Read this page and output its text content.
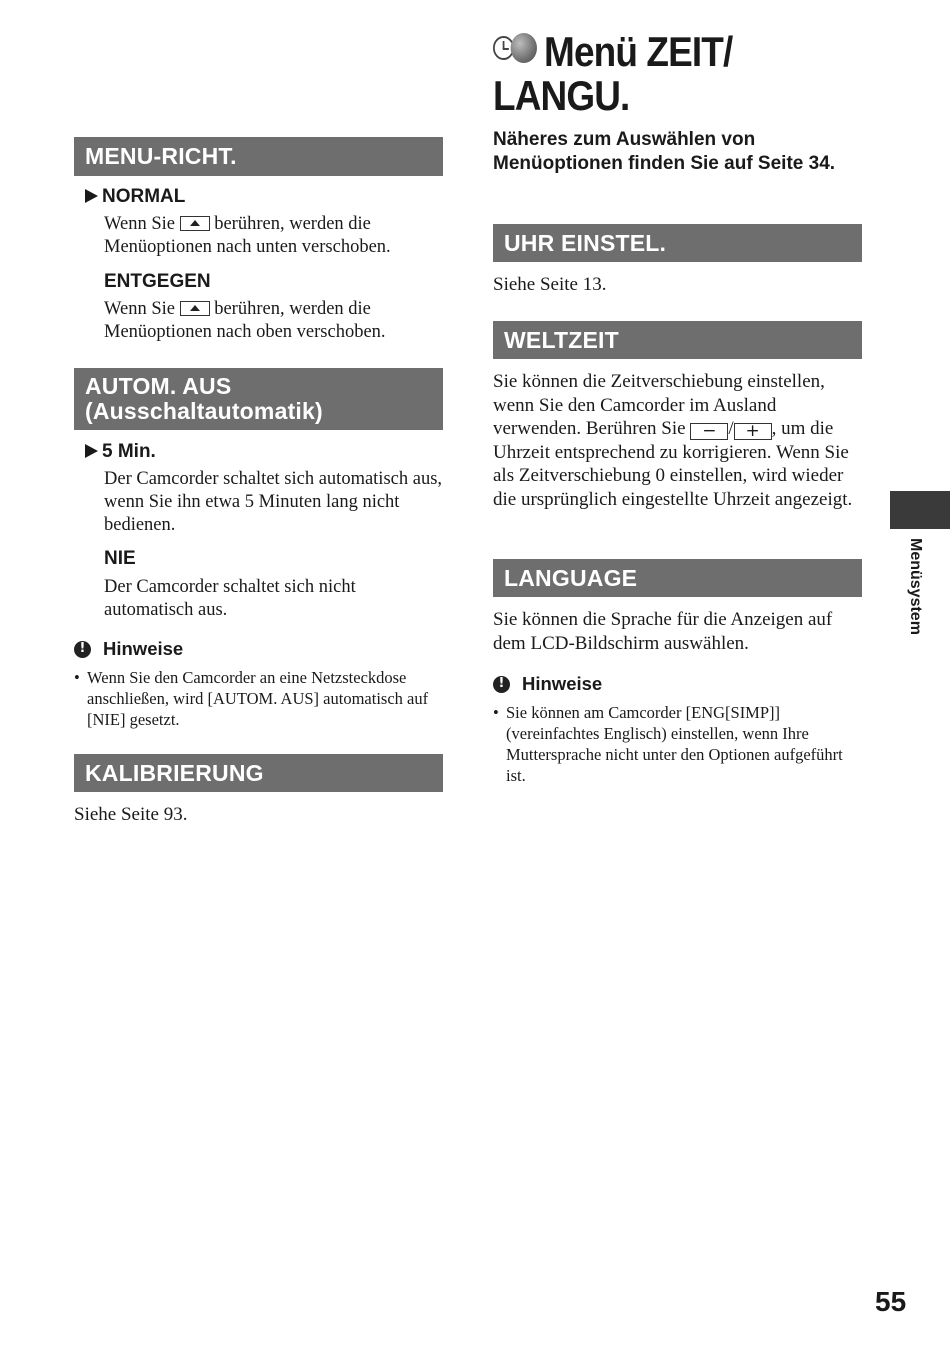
MENU-RICHT.
NORMAL
Wenn Sie berühren, werden die
Menüoptionen nach unten verschoben.
ENTGEGEN
Wenn Sie berühren, werden die
Menüoptionen nach oben verschoben.
AUTOM. AUS
(Ausschaltautomatik)
5 Min.
Der Camcorder schaltet sich automatisch aus, wenn Sie ihn etwa 5 Minuten lang nicht bedienen.
NIE
Der Camcorder schaltet sich nicht automatisch aus.
! Hinweise
• Wenn Sie den Camcorder an eine Netzsteckdose anschließen, wird [AUTOM. AUS] automatisch auf [NIE] gesetzt.
KALIBRIERUNG
Siehe Seite 93.
Menü ZEIT/
LANGU.
Näheres zum Auswählen von Menüoptionen finden Sie auf Seite 34.
UHR EINSTEL.
Siehe Seite 13.
WELTZEIT
Sie können die Zeitverschiebung einstellen, wenn Sie den Camcorder im Ausland verwenden. Berühren Sie − / + , um die Uhrzeit entsprechend zu korrigieren. Wenn Sie als Zeitverschiebung 0 einstellen, wird wieder die ursprünglich eingestellte Uhrzeit angezeigt.
LANGUAGE
Sie können die Sprache für die Anzeigen auf dem LCD-Bildschirm auswählen.
! Hinweise
• Sie können am Camcorder [ENG[SIMP]] (vereinfachtes Englisch) einstellen, wenn Ihre Muttersprache nicht unter den Optionen aufgeführt ist.
Menüsystem
55
